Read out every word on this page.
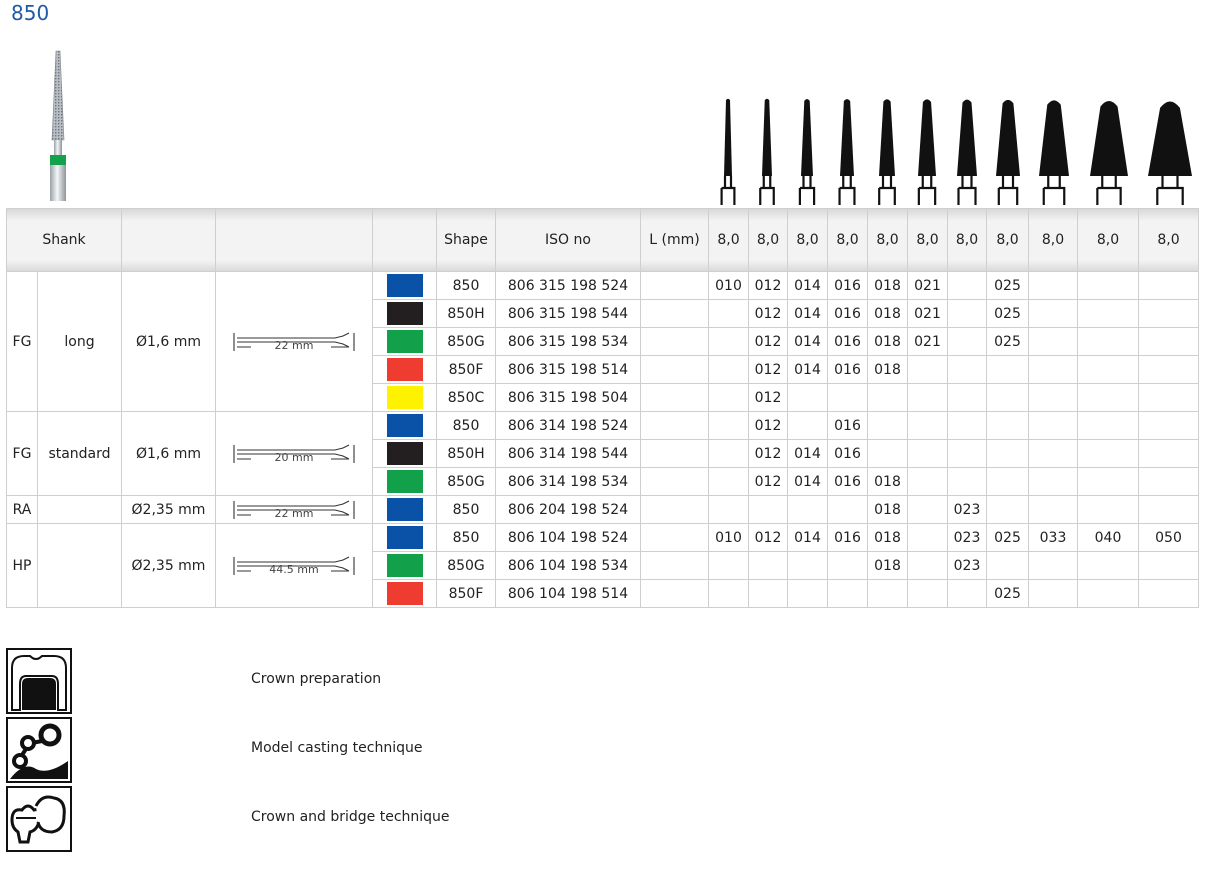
850
Shank					Shape	ISO no	L (mm)	8,0	8,0	8,0	8,0	8,0	8,0	8,0	8,0	8,0	8,0	8,0
FG	long	Ø1,6 mm	22 mm		850	806 315 198 524		010	012	014	016	018	021		025			

					850H	806 315 198 544			012	014	016	018	021		025			

					850G	806 315 198 534			012	014	016	018	021		025			

					850F	806 315 198 514			012	014	016	018						

					850C	806 315 198 504			012									
FG	standard	Ø1,6 mm	20 mm		850	806 314 198 524			012		016							

					850H	806 314 198 544			012	014	016							

					850G	806 314 198 534			012	014	016	018						
RA		Ø2,35 mm	22 mm		850	806 204 198 524						018		023				
HP		Ø2,35 mm	44.5 mm		850	806 104 198 524		010	012	014	016	018		023	025	033	040	050

					850G	806 104 198 534						018		023				

					850F	806 104 198 514									025			
Crown preparation
Model casting technique
Crown and bridge technique
